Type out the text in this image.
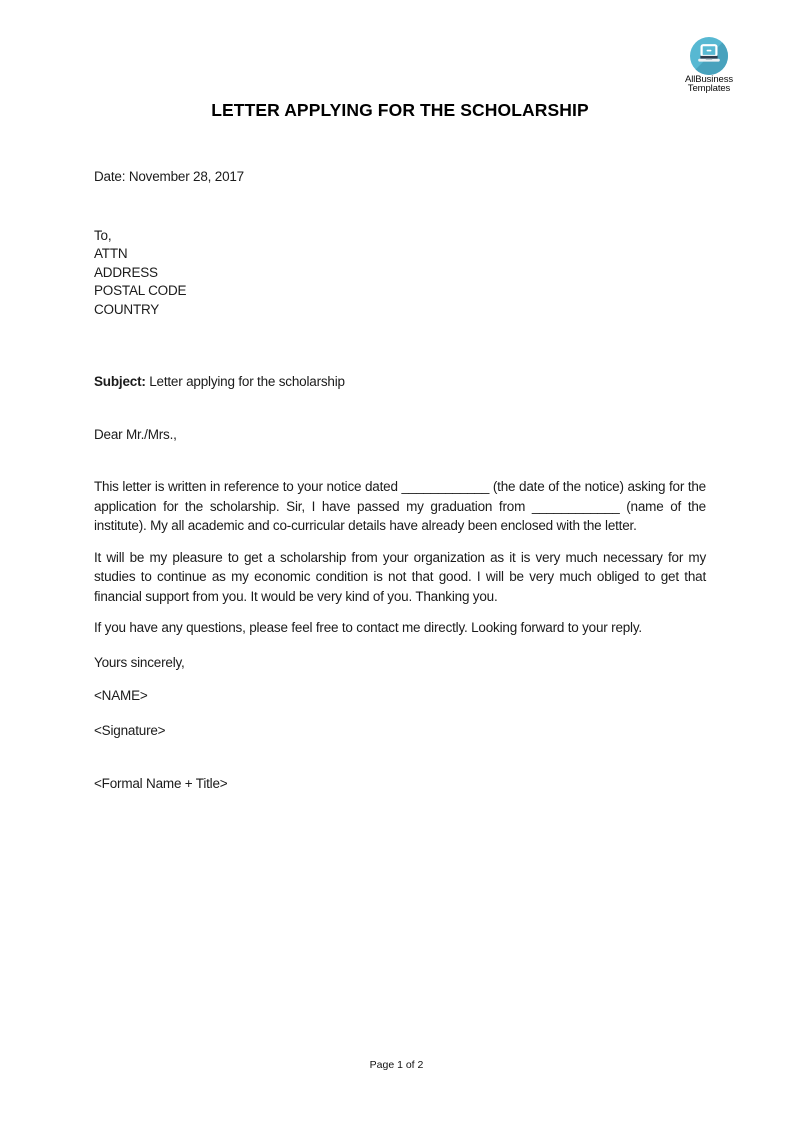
AllBusiness
Templates
LETTER APPLYING FOR THE SCHOLARSHIP
Date: November 28, 2017
To,
ATTN
ADDRESS
POSTAL CODE
COUNTRY
Subject: Letter applying for the scholarship
Dear Mr./Mrs.,
This letter is written in reference to your notice dated ____________ (the date of the notice) asking for the application for the scholarship. Sir, I have passed my graduation from ____________ (name of the institute). My all academic and co-curricular details have already been enclosed with the letter.
It will be my pleasure to get a scholarship from your organization as it is very much necessary for my studies to continue as my economic condition is not that good. I will be very much obliged to get that financial support from you. It would be very kind of you. Thanking you.
If you have any questions, please feel free to contact me directly. Looking forward to your reply.
Yours sincerely,
<NAME>
<Signature>
<Formal Name + Title>
Page 1 of 2
